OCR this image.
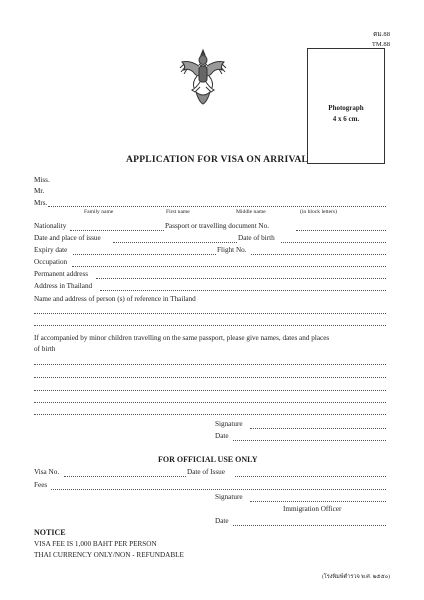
ตม.88
TM.88
Photograph
4 x 6 cm.
APPLICATION FOR VISA ON ARRIVAL
Miss.
Mr.
Mrs.
Family name	First name	Middle name	(in block letters)
Nationality	Passport or travelling document No.
Date and place of issue	Date of birth
Expiry date	Flight No.
Occupation
Permanent address
Address in Thailand
Name and address of person (s) of reference in Thailand
If accompanied by minor children travelling on the same passport, please give names, dates and places
of birth
Signature
Date
FOR OFFICIAL USE ONLY
Visa No.	Date of Issue
Fees
Signature
Immigration Officer
Date
NOTICE
VISA FEE IS 1,000 BAHT PER PERSON
THAI CURRENCY ONLY/NON - REFUNDABLE
(โรงพิมพ์ตำรวจ พ.ศ. ๒๕๕๐)
